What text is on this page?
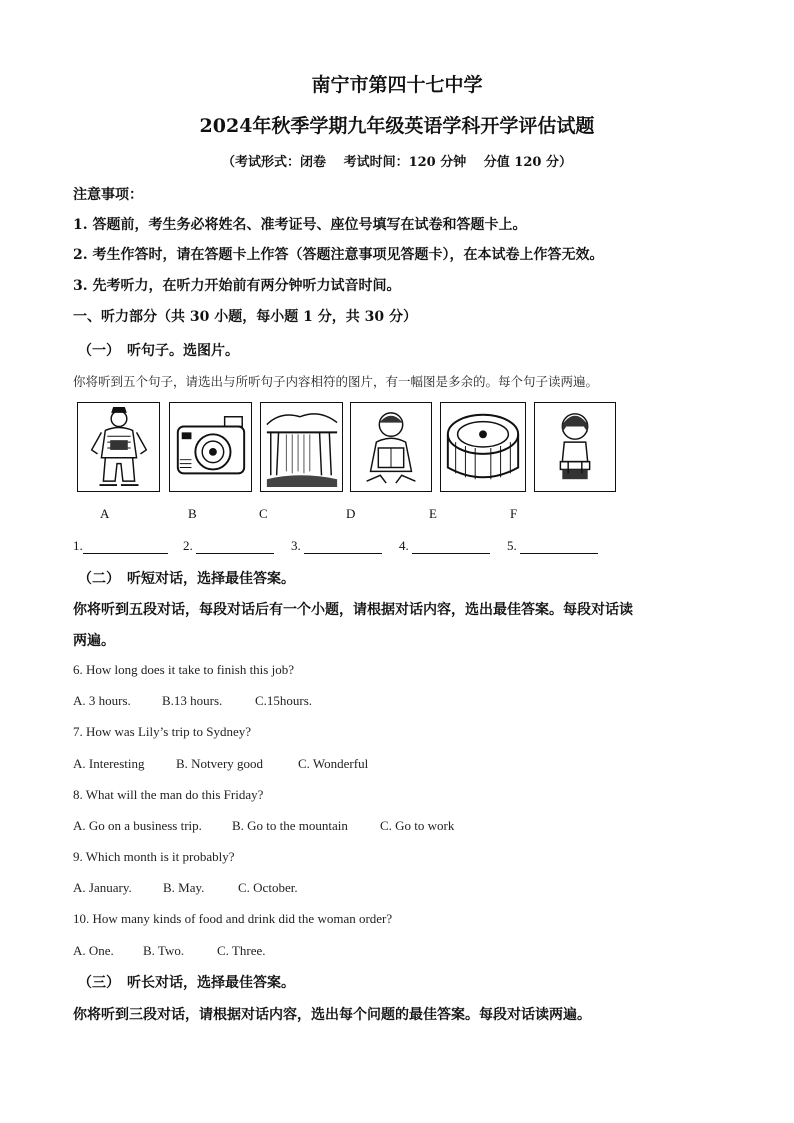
南宁市第四十七中学
2024年秋季学期九年级英语学科开学评估试题
（考试形式：闭卷　 考试时间：120 分钟　 分值 120 分）
注意事项：
1. 答题前，考生务必将姓名、准考证号、座位号填写在试卷和答题卡上。
2. 考生作答时，请在答题卡上作答（答题注意事项见答题卡），在本试卷上作答无效。
3. 先考听力，在听力开始前有两分钟听力试音时间。
一、听力部分（共 30 小题，每小题 1 分，共 30 分）
（一）　听句子。选图片。
你将听到五个句子，请选出与所听句子内容相符的图片，有一幅图是多余的。每个句子读两遍。
A	B	C	D	E	F
1.	2.	3.	4.	5.
（二）　听短对话，选择最佳答案。
你将听到五段对话，每段对话后有一个小题，请根据对话内容，选出最佳答案。每段对话读
两遍。
6. How long does it take to finish this job?
A. 3 hours. B.13 hours.	C.15hours.
7. How was Lily’s trip to Sydney?
A. Interesting B. Notvery good	C. Wonderful
8. What will the man do this Friday?
A. Go on a business trip. B. Go to the mountain C. Go to work
9. Which month is it probably?
A. January. B. May.	C. October.
10. How many kinds of food and drink did the woman order?
A. One. B. Two.	C. Three.
（三）　听长对话，选择最佳答案。
你将听到三段对话，请根据对话内容，选出每个问题的最佳答案。每段对话读两遍。
